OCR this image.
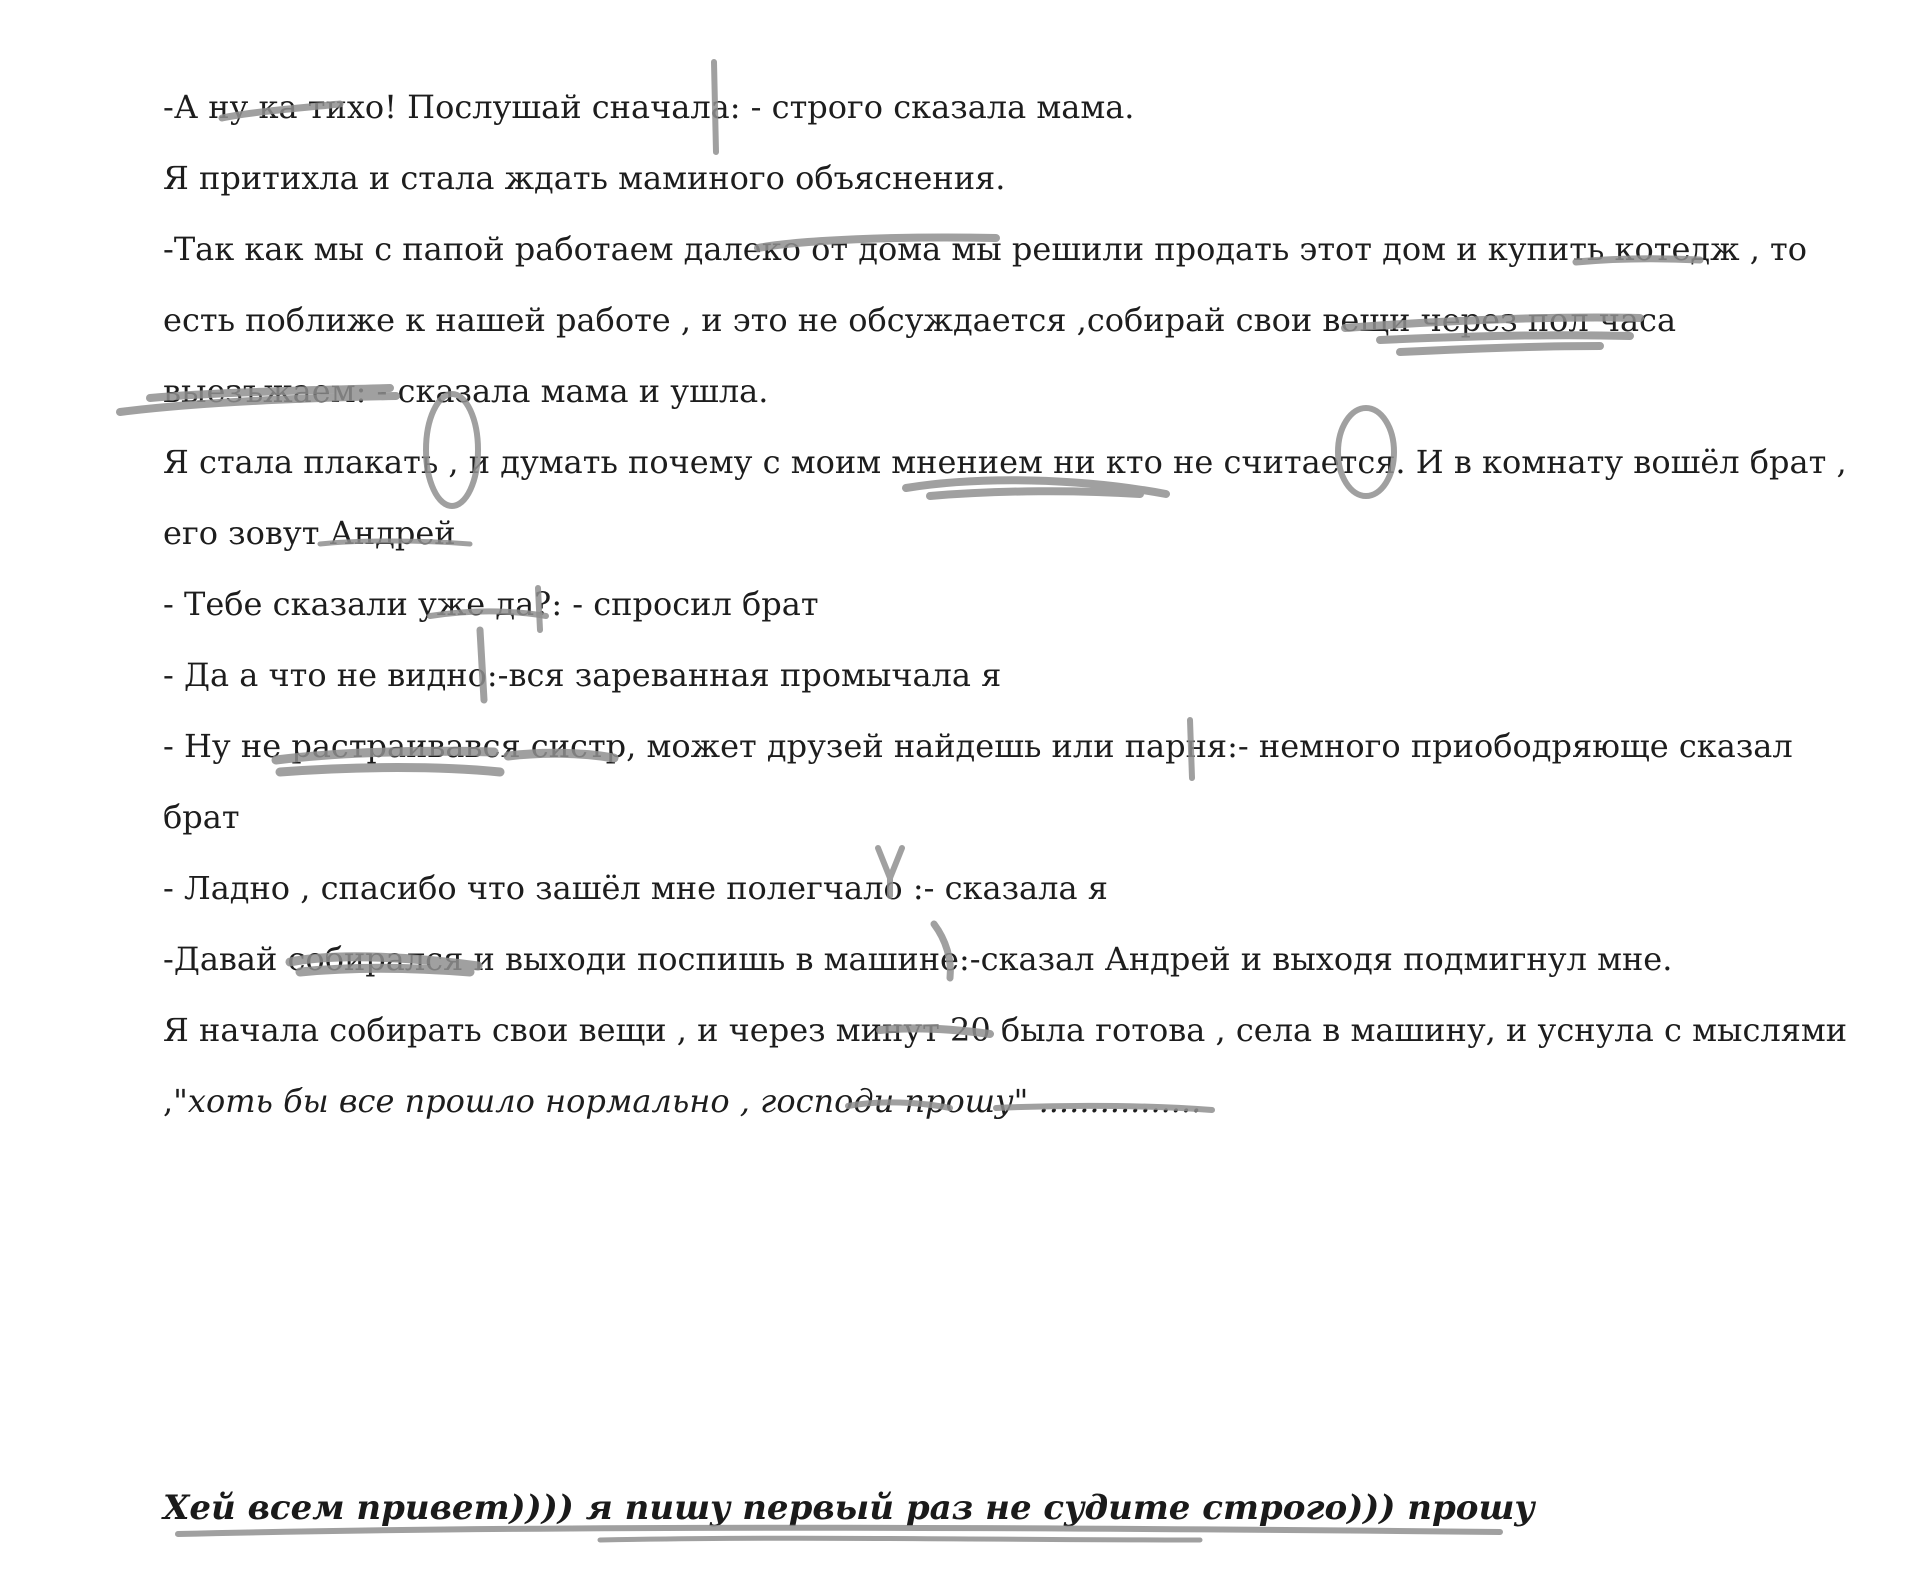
-А ну ка тихо! Послушай сначала: - строго сказала мама.
Я притихла и стала ждать маминого объяснения.
-Так как мы с папой работаем далеко от дома мы решили продать этот дом и купить котедж , то
есть поближе к нашей работе , и это не обсуждается ,собирай свои вещи через пол часа
выезъжаем: - сказала мама и ушла.
Я стала плакать , и думать почему с моим мнением ни кто не считается. И в комнату вошёл брат ,
его зовут Андрей
- Тебе сказали уже да?: - спросил брат
- Да а что не видно:-вся зареванная промычала я
- Ну не растраивався систр, может друзей найдешь или парня:- немного приободряюще сказал
брат
- Ладно , спасибо что зашёл мне полегчало :- сказала я
-Давай собирался и выходи поспишь в машине:-сказал Андрей и выходя подмигнул мне.
Я начала собирать свои вещи , и через минут 20 была готова , села в машину, и уснула с мыслями
,"хоть бы все прошло нормально , господи прошу" ................
Хей всем привет)))) я пишу первый раз не судите строго))) прошу
